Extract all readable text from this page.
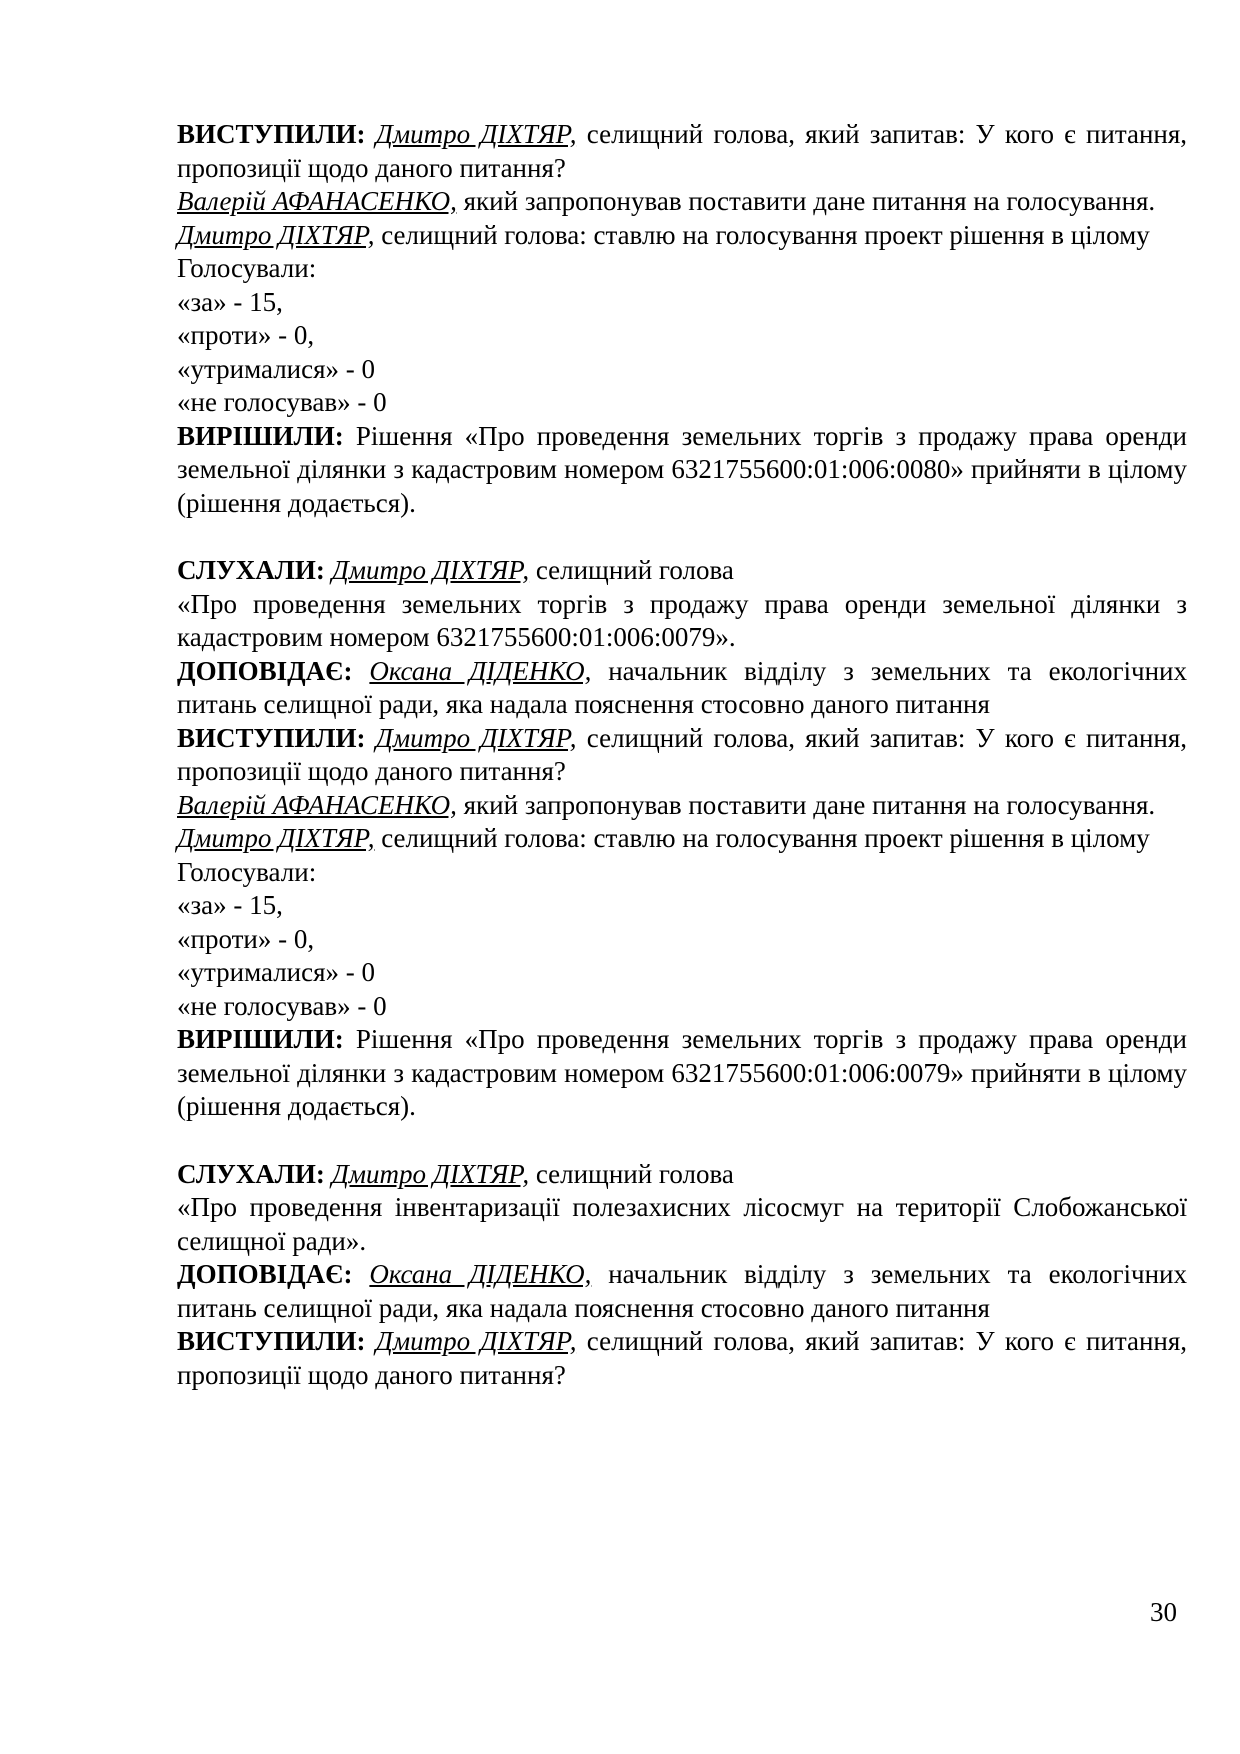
ВИСТУПИЛИ: Дмитро ДІХТЯР, селищний голова, який запитав: У кого є питання, пропозиції щодо даного питання?

Валерій АФАНАСЕНКО, який запропонував поставити дане питання на голосування.

Дмитро ДІХТЯР, селищний голова: ставлю на голосування проект рішення в цілому

Голосували:

«за» - 15,

«проти» - 0,

«утрималися» - 0

«не голосував» - 0

ВИРІШИЛИ: Рішення «Про проведення земельних торгів з продажу права оренди земельної ділянки з кадастровим номером 6321755600:01:006:0080» прийняти в цілому (рішення додається).

СЛУХАЛИ: Дмитро ДІХТЯР, селищний голова

«Про проведення земельних торгів з продажу права оренди земельної ділянки з кадастровим номером 6321755600:01:006:0079».

ДОПОВІДАЄ: Оксана ДІДЕНКО, начальник відділу з земельних та екологічних питань селищної ради, яка надала пояснення стосовно даного питання

ВИСТУПИЛИ: Дмитро ДІХТЯР, селищний голова, який запитав: У кого є питання, пропозиції щодо даного питання?

Валерій АФАНАСЕНКО, який запропонував поставити дане питання на голосування.

Дмитро ДІХТЯР, селищний голова: ставлю на голосування проект рішення в цілому

Голосували:

«за» - 15,

«проти» - 0,

«утрималися» - 0

«не голосував» - 0

ВИРІШИЛИ: Рішення «Про проведення земельних торгів з продажу права оренди земельної ділянки з кадастровим номером 6321755600:01:006:0079» прийняти в цілому (рішення додається).

СЛУХАЛИ: Дмитро ДІХТЯР, селищний голова

«Про проведення інвентаризації полезахисних лісосмуг на території Слобожанської селищної ради».

ДОПОВІДАЄ: Оксана ДІДЕНКО, начальник відділу з земельних та екологічних питань селищної ради, яка надала пояснення стосовно даного питання

ВИСТУПИЛИ: Дмитро ДІХТЯР, селищний голова, який запитав: У кого є питання, пропозиції щодо даного питання?

30
